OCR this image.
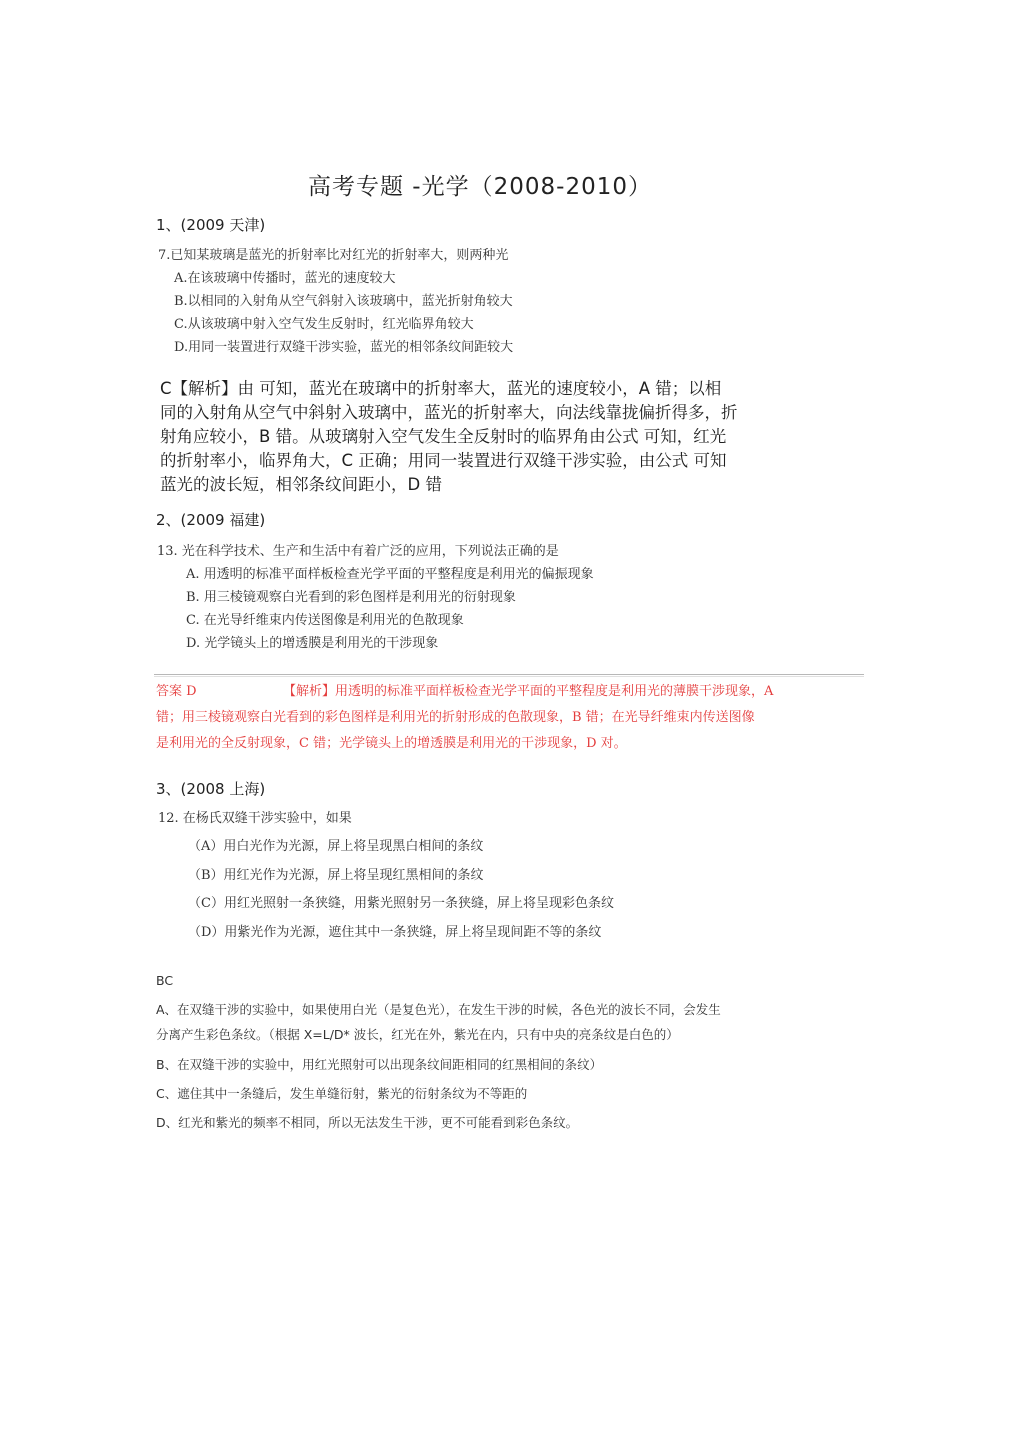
高考专题 -光学（2008-2010）
1、(2009 天津)
7.已知某玻璃是蓝光的折射率比对红光的折射率大，则两种光
A.在该玻璃中传播时，蓝光的速度较大
B.以相同的入射角从空气斜射入该玻璃中，蓝光折射角较大
C.从该玻璃中射入空气发生反射时，红光临界角较大
D.用同一装置进行双缝干涉实验，蓝光的相邻条纹间距较大
C【解析】由 可知，蓝光在玻璃中的折射率大，蓝光的速度较小，A 错；以相
同的入射角从空气中斜射入玻璃中，蓝光的折射率大，向法线靠拢偏折得多，折
射角应较小，B 错。从玻璃射入空气发生全反射时的临界角由公式 可知，红光
的折射率小，临界角大，C 正确；用同一装置进行双缝干涉实验，由公式 可知
蓝光的波长短，相邻条纹间距小，D 错
2、(2009 福建)
13. 光在科学技术、生产和生活中有着广泛的应用，下列说法正确的是
A. 用透明的标准平面样板检查光学平面的平整程度是利用光的偏振现象
B. 用三棱镜观察白光看到的彩色图样是利用光的衍射现象
C. 在光导纤维束内传送图像是利用光的色散现象
D. 光学镜头上的增透膜是利用光的干涉现象
答案 D	【解析】用透明的标准平面样板检查光学平面的平整程度是利用光的薄膜干涉现象，A
错；用三棱镜观察白光看到的彩色图样是利用光的折射形成的色散现象，B 错；在光导纤维束内传送图像
是利用光的全反射现象，C 错；光学镜头上的增透膜是利用光的干涉现象，D 对。
3、(2008 上海)
12. 在杨氏双缝干涉实验中，如果
（A）用白光作为光源，屏上将呈现黑白相间的条纹
（B）用红光作为光源，屏上将呈现红黑相间的条纹
（C）用红光照射一条狭缝，用紫光照射另一条狭缝，屏上将呈现彩色条纹
（D）用紫光作为光源，遮住其中一条狭缝，屏上将呈现间距不等的条纹
BC
A、在双缝干涉的实验中，如果使用白光（是复色光），在发生干涉的时候，各色光的波长不同，会发生
分离产生彩色条纹。（根据 X=L/D* 波长，红光在外，紫光在内，只有中央的亮条纹是白色的）
B、在双缝干涉的实验中，用红光照射可以出现条纹间距相同的红黑相间的条纹）
C、遮住其中一条缝后，发生单缝衍射，紫光的衍射条纹为不等距的
D、红光和紫光的频率不相同，所以无法发生干涉，更不可能看到彩色条纹。
